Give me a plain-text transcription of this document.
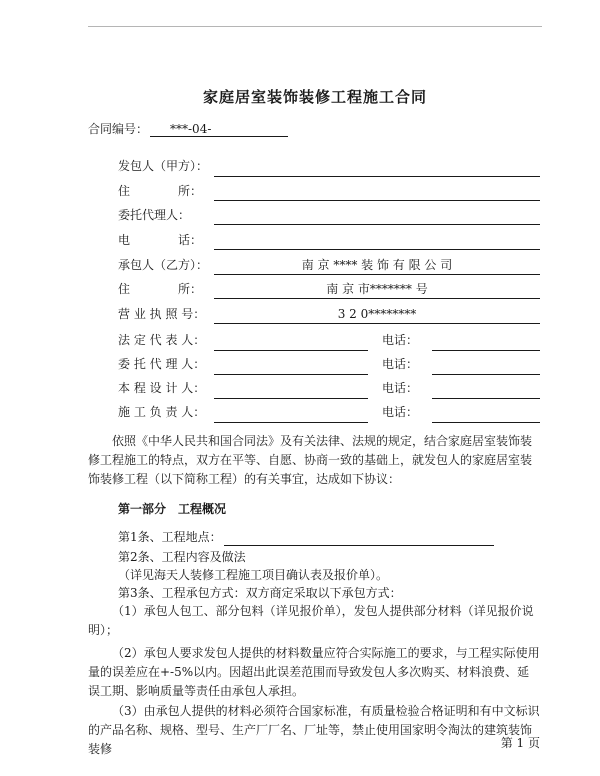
家庭居室装饰装修工程施工合同
合同编号： ***-04-
发包人（甲方）：
住　　　　所：
委托代理人：
电　　　　话：
承包人（乙方）：	南 京 **** 装 饰 有 限 公 司
住　　　　所：	南 京 市******* 号
营 业 执 照 号：	3 2 0********
法 定 代 表 人：	电话：
委 托 代 理 人：	电话：
本 程 设 计 人：	电话：
施 工 负 责 人：	电话：
依照《中华人民共和国合同法》及有关法律、法规的规定，结合家庭居室装饰装修工程施工的特点，双方在平等、自愿、协商一致的基础上，就发包人的家庭居室装饰装修工程（以下简称工程）的有关事宜，达成如下协议：
第一部分　工程概况
第1条、工程地点：
第2条、工程内容及做法
（详见海天人装修工程施工项目确认表及报价单）。
第3条、工程承包方式：双方商定采取以下承包方式：
（1）承包人包工、部分包料（详见报价单），发包人提供部分材料（详见报价说明）；
（2）承包人要求发包人提供的材料数量应符合实际施工的要求，与工程实际使用量的误差应在+-5%以内。因超出此误差范围而导致发包人多次购买、材料浪费、延误工期、影响质量等责任由承包人承担。
（3）由承包人提供的材料必须符合国家标准，有质量检验合格证明和有中文标识的产品名称、规格、型号、生产厂厂名、厂址等，禁止使用国家明令淘汰的建筑装饰装修	第 1 页
